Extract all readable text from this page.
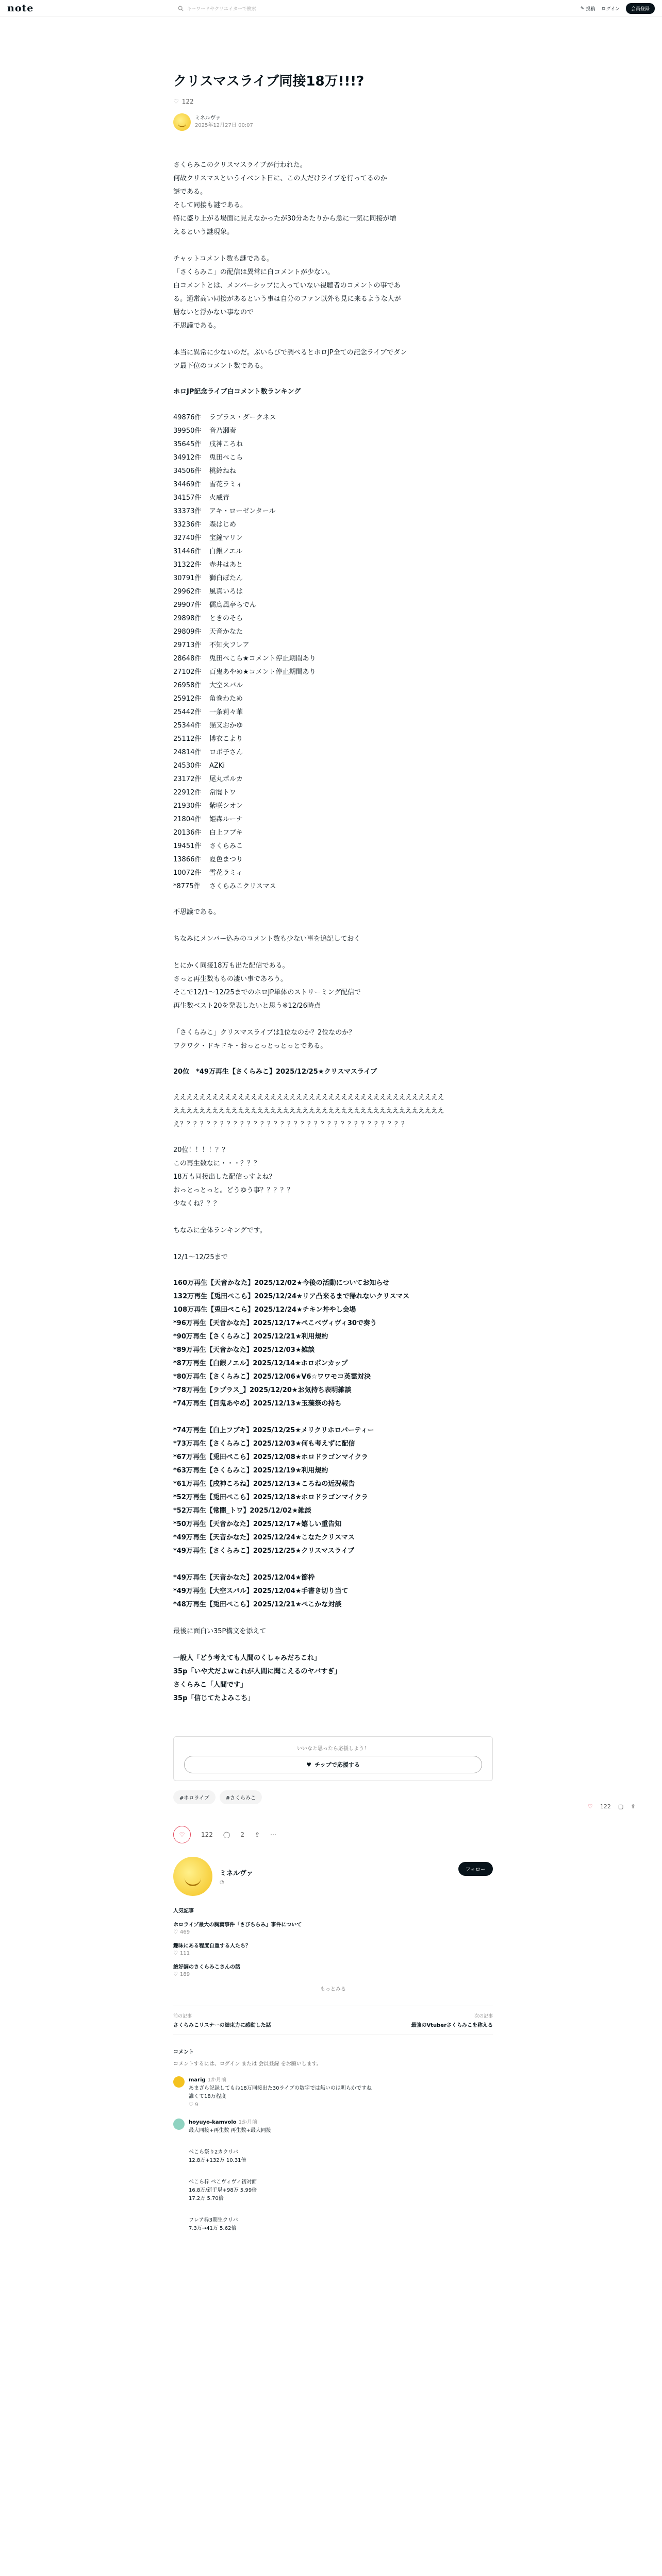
note	キーワードやクリエイターで検索	✎ 投稿 ログイン	会員登録
♡ 122 ▢ ⇪
クリスマスライブ同接18万!!!?
♡ 122
ミネルヴァ
2025年12月27日 00:07
さくらみこのクリスマスライブが行われた。
何故クリスマスというイベント日に、この人だけライブを行ってるのか
謎である。
そして同接も謎である。
特に盛り上がる場面に見えなかったが30分あたりから急に一気に同接が増
えるという謎現象。
チャットコメント数も謎である。
「さくらみこ」の配信は異常に白コメントが少ない。
白コメントとは、メンバーシップに入っていない視聴者のコメントの事であ
る。通常高い同接があるという事は自分のファン以外も見に来るような人が
居ないと浮かない事なので
不思議である。
本当に異常に少ないのだ。ぶいらびで調べるとホロJP全ての記念ライブでダン
ツ最下位のコメント数である。
ホロJP記念ライブ白コメント数ランキング
49876件	ラプラス・ダークネス
39950件	音乃瀬奏
35645件	戌神ころね
34912件	兎田ぺこら
34506件	桃鈴ねね
34469件	雪花ラミィ
34157件	火威青
33373件	アキ・ローゼンタール
33236件	森はじめ
32740件	宝鐘マリン
31446件	白銀ノエル
31322件	赤井はあと
30791件	獅白ぼたん
29962件	風真いろは
29907件	儒烏風亭らでん
29898件	ときのそら
29809件	天音かなた
29713件	不知火フレア
28648件	兎田ぺこら★コメント停止期間あり
27102件	百鬼あやめ★コメント停止期間あり
26958件	大空スバル
25912件	角巻わため
25442件	一条莉々華
25344件	猫又おかゆ
25112件	博衣こより
24814件	ロボ子さん
24530件	AZKi
23172件	尾丸ポルカ
22912件	常闇トワ
21930件	紫咲シオン
21804件	姫森ルーナ
20136件	白上フブキ
19451件	さくらみこ
13866件	夏色まつり
10072件	雪花ラミィ
*8775件	さくらみこクリスマス
不思議である。
ちなみにメンバー込みのコメント数も少ない事を追記しておく
とにかく同接18万も出た配信である。
さっと再生数ももの凄い事であろう。
そこで12/1～12/25までのホロJP単体のストリーミング配信で
再生数ベスト20を発表したいと思う※12/26時点
「さくらみこ」クリスマスライブは1位なのか？2位なのか？
ワクワク・ドキドキ・おっとっとっとっとである。
20位　*49万再生【さくらみこ】2025/12/25★クリスマスライブ
ええええええええええええええええええええええええええええええええええええええええええ
ええええええええええええええええええええええええええええええええええええええええええ
え？？？？？？？？？？？？？？？？？？？？？？？？？？？？？？？？？？
20位！！！！？？
この再生数なに・・・？？？
18万も同接出した配信っすよね？
おっとっとっと。どうゆう事？？？？？
少なくね？？？
ちなみに全体ランキングです。
12/1～12/25まで
160万再生【天音かなた】2025/12/02★今後の活動についてお知らせ
132万再生【兎田ぺこら】2025/12/24★リア凸来るまで帰れないクリスマス
108万再生【兎田ぺこら】2025/12/24★チキン丼やし会場
*96万再生【天音かなた】2025/12/17★ぺこベヴィヴィ30で奏う
*90万再生【さくらみこ】2025/12/21★利用規約
*89万再生【天音かなた】2025/12/03★雑談
*87万再生【白銀ノエル】2025/12/14★ホロポンカップ
*80万再生【さくらみこ】2025/12/06★V6☆ワワモコ英霊対決
*78万再生【ラプラス_】2025/12/20★お気持ち表明雑談
*74万再生【百鬼あやめ】2025/12/13★玉藻祭の持ち
*74万再生【白上フブキ】2025/12/25★メリクリホロパーティー
*73万再生【さくらみこ】2025/12/03★何も考えずに配信
*67万再生【兎田ぺこら】2025/12/08★ホロドラゴンマイクラ
*63万再生【さくらみこ】2025/12/19★利用規約
*61万再生【戌神ころね】2025/12/13★ころねの近況報告
*52万再生【兎田ぺこら】2025/12/18★ホロドラゴンマイクラ
*52万再生【常闇_トワ】2025/12/02★雑談
*50万再生【天音かなた】2025/12/17★嬉しい重告知
*49万再生【天音かなた】2025/12/24★こなたクリスマス
*49万再生【さくらみこ】2025/12/25★クリスマスライブ
*49万再生【天音かなた】2025/12/04★節枠
*49万再生【大空スバル】2025/12/04★手書き切り当て
*48万再生【兎田ぺこら】2025/12/21★ぺこかな対談
最後に面白い35P構文を添えて
一般人「どう考えても人間のくしゃみだろこれ」
35p「いや犬だよwこれが人間に聞こえるのヤバすぎ」
さくらみこ「人間です」
35p「信じてたよみこち」
いいなと思ったら応援しよう！
♥ チップで応援する
#ホロライブ	#さくらみこ
♡	122 ◯ 2 ⇪ ⋯
ミネルヴァ
◔
フォロー
人気記事
ホロライブ最大の胸糞事件「さびちらみ」事件について
♡ 469
趣味にある程度自重する人たち？
♡ 111
絶好調のさくらみこさんの話
♡ 189
もっとみる
前の記事
さくらみこリスナーの結束力に感動した話
次の記事
最強のVtuberさくらみこを称える
コメント
コメントするには、ログイン または 会員登録 をお願いします。
marig 1か月前
あまざら記録してもね18万同接出た30ライブの数字では無いのは明らかですね
誰くて18万程度
♡ 9
hoyuyo-kamvolo 1か月前
最大同接+再生数 再生数+最大同接
ぺこら祭り2カクリバ
12.8万+132万 10.31倍
ぺこら枠 ペこヴィヴィ初対面
16.8万/新手堪+98万 5.99倍
17.2万 5.70倍
フレア枠3期生クリバ
7.3万→41万 5.62倍
